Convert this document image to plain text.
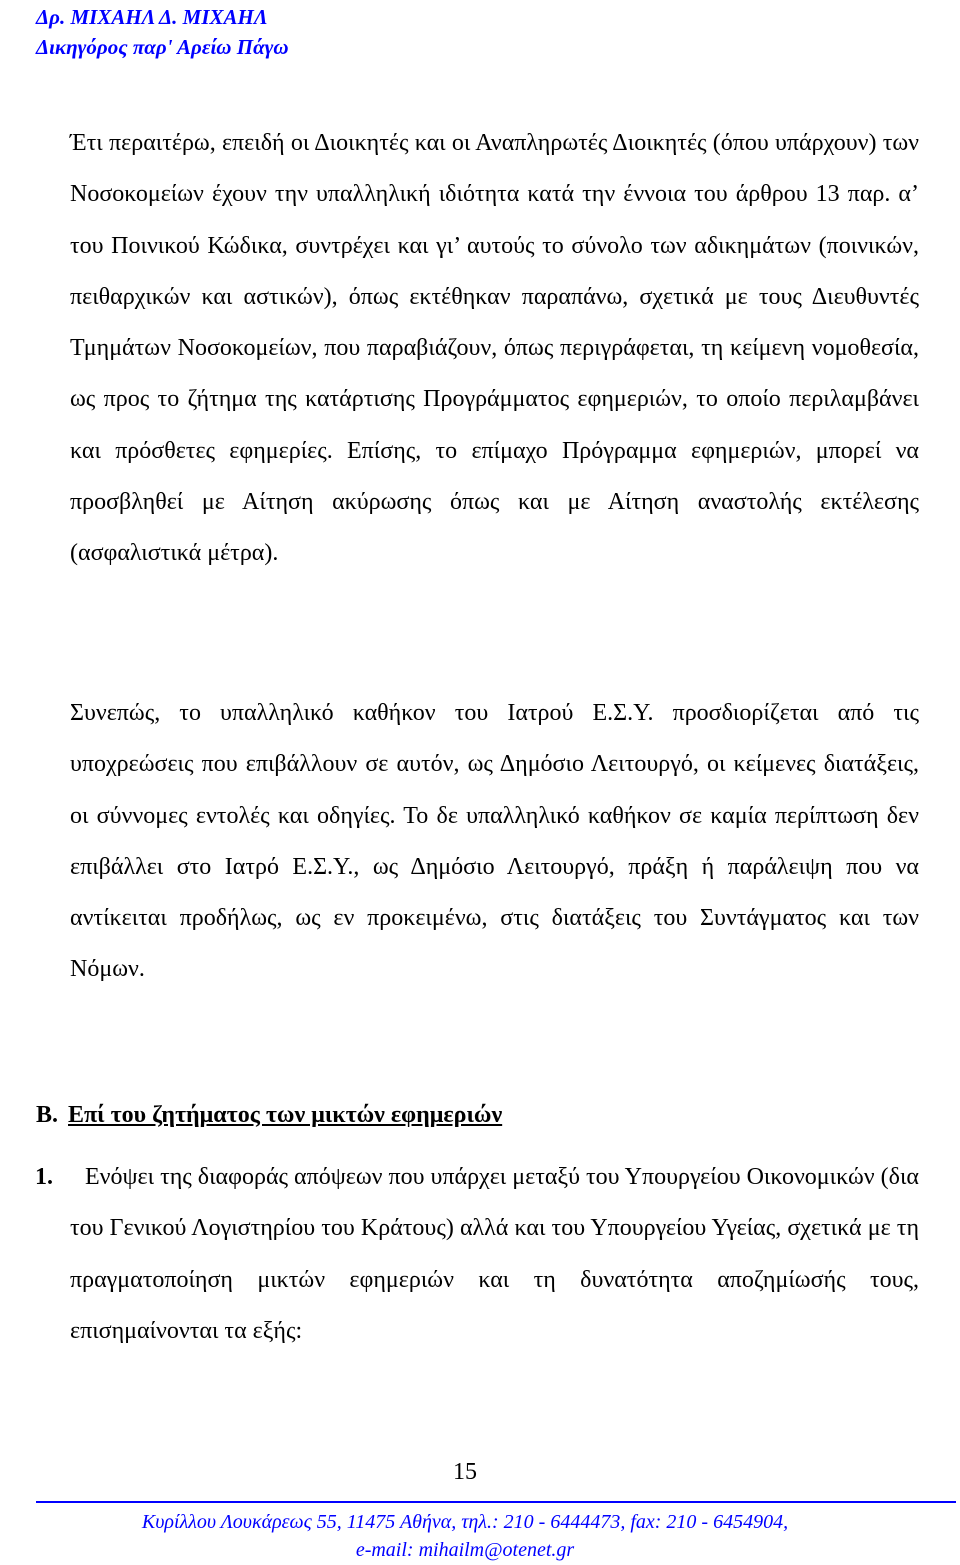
Δρ. ΜΙΧΑΗΛ Δ. ΜΙΧΑΗΛ
Δικηγόρος παρ' Αρείω Πάγω

Έτι περαιτέρω, επειδή οι Διοικητές και οι Αναπληρωτές Διοικητές (όπου υπάρχουν) των Νοσοκομείων έχουν την υπαλληλική ιδιότητα κατά την έννοια του άρθρου 13 παρ. α’ του Ποινικού Κώδικα, συντρέχει και γι’ αυτούς το σύνολο των αδικημάτων (ποινικών, πειθαρχικών και αστικών), όπως εκτέθηκαν παραπάνω, σχετικά με τους Διευθυντές Τμημάτων Νοσοκομείων, που παραβιάζουν, όπως περιγράφεται, τη κείμενη νομοθεσία, ως προς το ζήτημα της κατάρτισης Προγράμματος εφημεριών, το οποίο περιλαμβάνει και πρόσθετες εφημερίες. Επίσης, το επίμαχο Πρόγραμμα εφημεριών, μπορεί να προσβληθεί με Αίτηση ακύρωσης όπως και με Αίτηση αναστολής εκτέλεσης (ασφαλιστικά μέτρα).

Συνεπώς, το υπαλληλικό καθήκον του Ιατρού Ε.Σ.Υ. προσδιορίζεται από τις υποχρεώσεις που επιβάλλουν σε αυτόν, ως Δημόσιο Λειτουργό, οι κείμενες διατάξεις, οι σύννομες εντολές και οδηγίες. Το δε υπαλληλικό καθήκον σε καμία περίπτωση δεν επιβάλλει στο Ιατρό Ε.Σ.Υ., ως Δημόσιο Λειτουργό, πράξη ή παράλειψη που να αντίκειται προδήλως, ως εν προκειμένω, στις διατάξεις του Συντάγματος και των Νόμων.

Β. Επί του ζητήματος των μικτών εφημεριών

1. Ενόψει της διαφοράς απόψεων που υπάρχει μεταξύ του Υπουργείου Οικονομικών (δια του Γενικού Λογιστηρίου του Κράτους) αλλά και του Υπουργείου Υγείας, σχετικά με τη πραγματοποίηση μικτών εφημεριών και τη δυνατότητα αποζημίωσής τους, επισημαίνονται τα εξής:

15
Κυρίλλου Λουκάρεως 55, 11475 Αθήνα, τηλ.: 210 - 6444473, fax: 210 - 6454904,
e-mail: mihailm@otenet.gr
